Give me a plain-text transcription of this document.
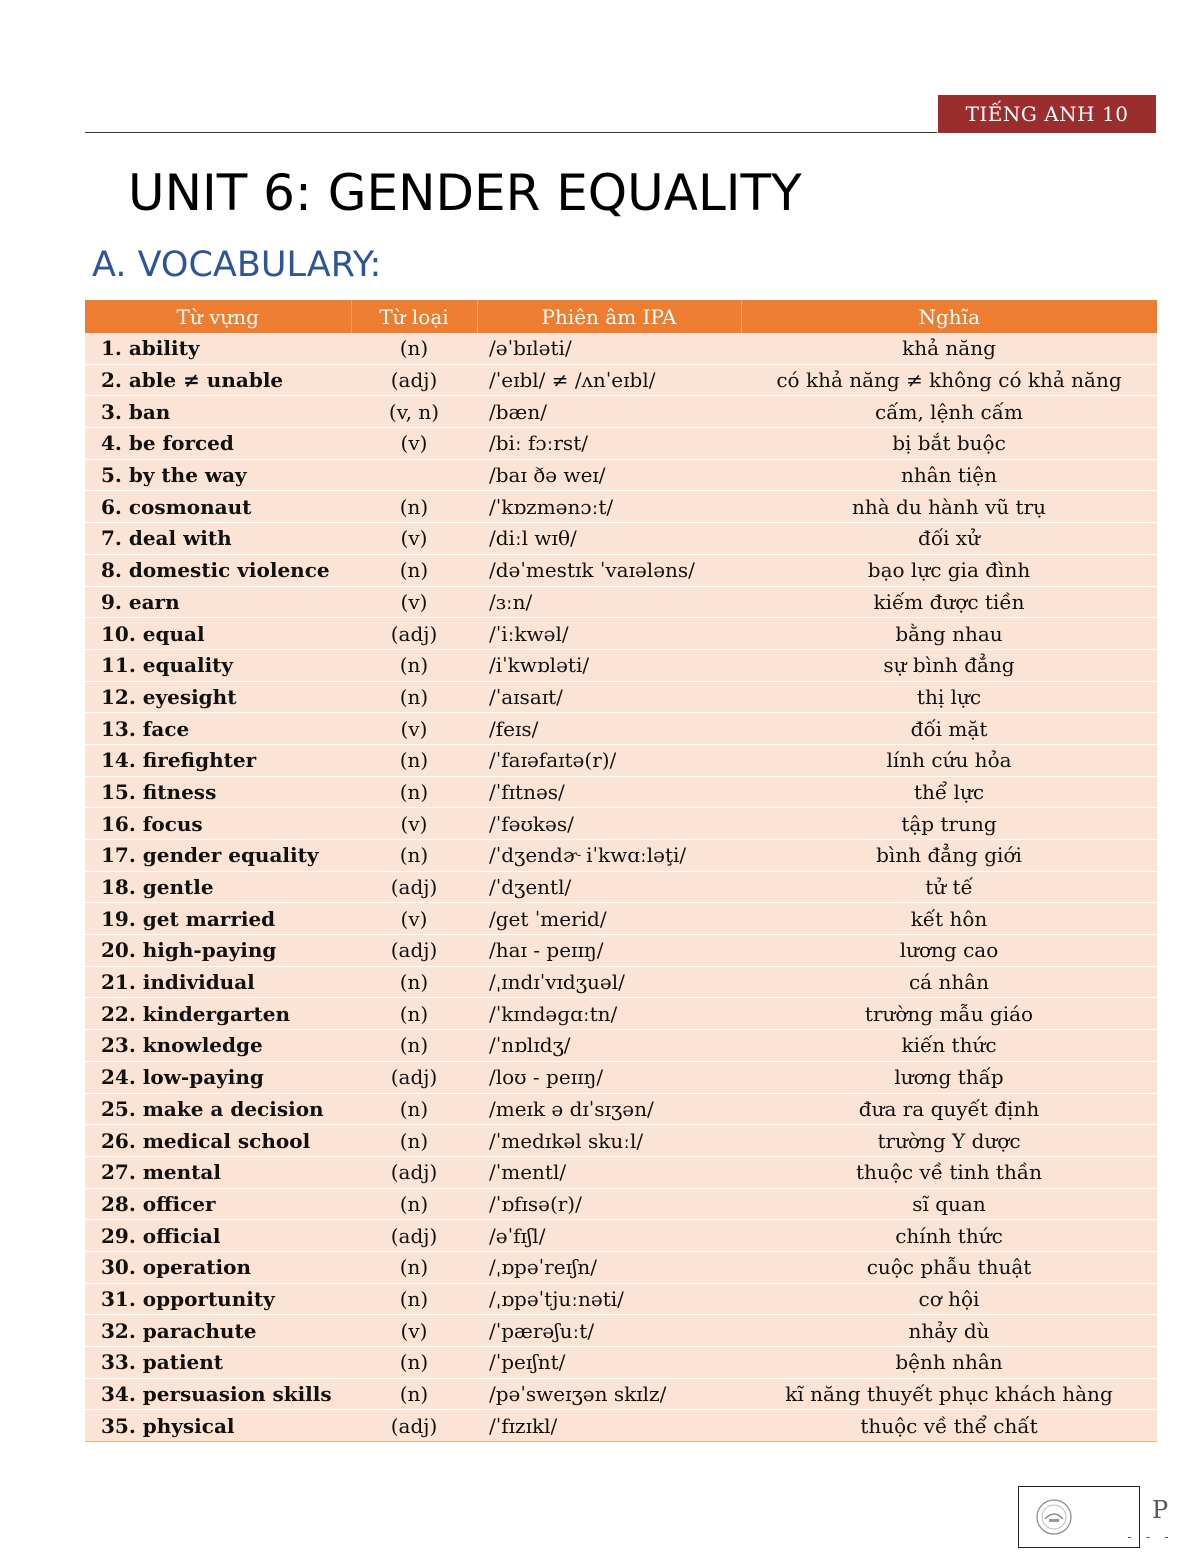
TIẾNG ANH 10
UNIT 6: GENDER EQUALITY
A. VOCABULARY:
Từ vựng	Từ loại	Phiên âm IPA	Nghĩa
1. ability	(n)	/əˈbɪləti/	khả năng
2. able ≠ unable	(adj)	/ˈeɪbl/ ≠ /ʌnˈeɪbl/	có khả năng ≠ không có khả năng
3. ban	(v, n)	/bæn/	cấm, lệnh cấm
4. be forced	(v)	/biː fɔːrst/	bị bắt buộc
5. by the way		/baɪ ðə weɪ/	nhân tiện
6. cosmonaut	(n)	/ˈkɒzmənɔːt/	nhà du hành vũ trụ
7. deal with	(v)	/diːl wɪθ/	đối xử
8. domestic violence	(n)	/dəˈmestɪk ˈvaɪələns/	bạo lực gia đình
9. earn	(v)	/ɜːn/	kiếm được tiền
10. equal	(adj)	/ˈiːkwəl/	bằng nhau
11. equality	(n)	/iˈkwɒləti/	sự bình đẳng
12. eyesight	(n)	/ˈaɪsaɪt/	thị lực
13. face	(v)	/feɪs/	đối mặt
14. firefighter	(n)	/ˈfaɪəfaɪtə(r)/	lính cứu hỏa
15. fitness	(n)	/ˈfɪtnəs/	thể lực
16. focus	(v)	/ˈfəʊkəs/	tập trung
17. gender equality	(n)	/ˈdʒendɚ iˈkwɑːləţi/	bình đẳng giới
18. gentle	(adj)	/ˈdʒentl/	tử tế
19. get married	(v)	/get ˈmerid/	kết hôn
20. high-paying	(adj)	/haɪ - peɪɪŋ/	lương cao
21. individual	(n)	/ˌɪndɪˈvɪdʒuəl/	cá nhân
22. kindergarten	(n)	/ˈkɪndəɡɑːtn/	trường mẫu giáo
23. knowledge	(n)	/ˈnɒlɪdʒ/	kiến thức
24. low-paying	(adj)	/loʊ - peɪɪŋ/	lương thấp
25. make a decision	(n)	/meɪk ə dɪˈsɪʒən/	đưa ra quyết định
26. medical school	(n)	/ˈmedɪkəl skuːl/	trường Y dược
27. mental	(adj)	/ˈmentl/	thuộc về tinh thần
28. officer	(n)	/ˈɒfɪsə(r)/	sĩ quan
29. official	(adj)	/əˈfɪʃl/	chính thức
30. operation	(n)	/ˌɒpəˈreɪʃn/	cuộc phẫu thuật
31. opportunity	(n)	/ˌɒpəˈtjuːnəti/	cơ hội
32. parachute	(v)	/ˈpærəʃuːt/	nhảy dù
33. patient	(n)	/ˈpeɪʃnt/	bệnh nhân
34. persuasion skills	(n)	/pəˈsweɪʒən skɪlz/	kĩ năng thuyết phục khách hàng
35. physical	(adj)	/ˈfɪzɪkl/	thuộc về thể chất
P
- - -
